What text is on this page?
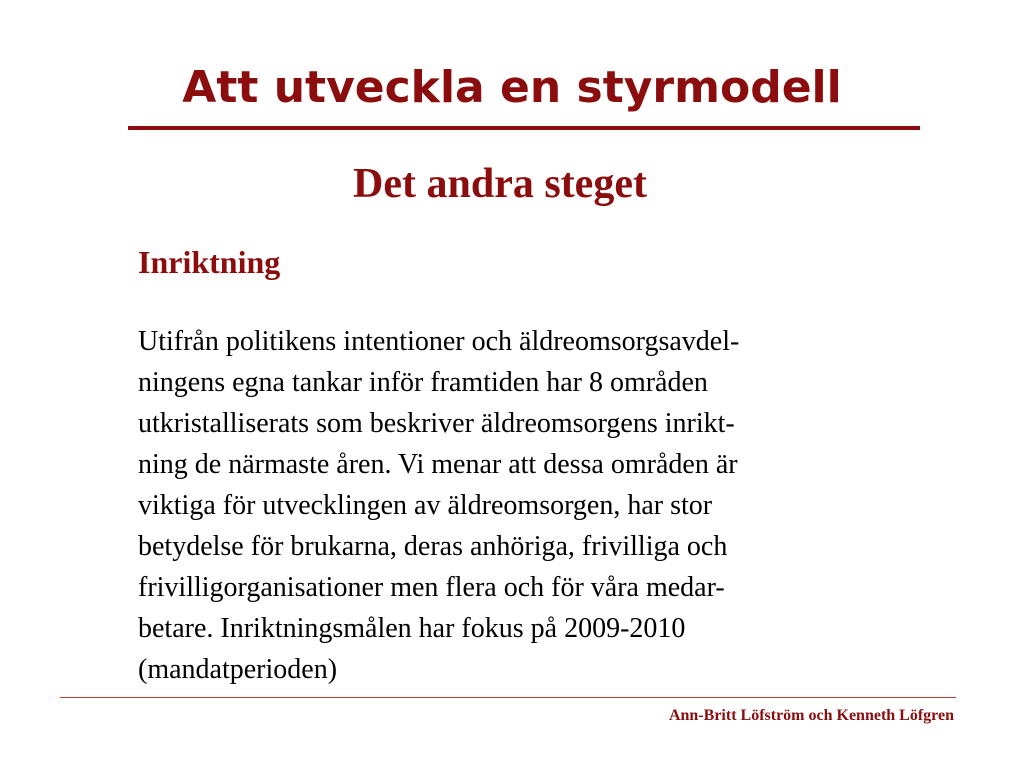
Att utveckla en styrmodell
Det andra steget
Inriktning
Utifrån politikens intentioner och äldreomsorgsavdel-
ningens egna tankar inför framtiden har 8 områden
utkristalliserats som beskriver äldreomsorgens inrikt-
ning de närmaste åren. Vi menar att dessa områden är
viktiga för utvecklingen av äldreomsorgen, har stor
betydelse för brukarna, deras anhöriga, frivilliga och
frivilligorganisationer men flera och för våra medar-
betare. Inriktningsmålen har fokus på 2009-2010
(mandatperioden)

Ann-Britt Löfström och Kenneth Löfgren
